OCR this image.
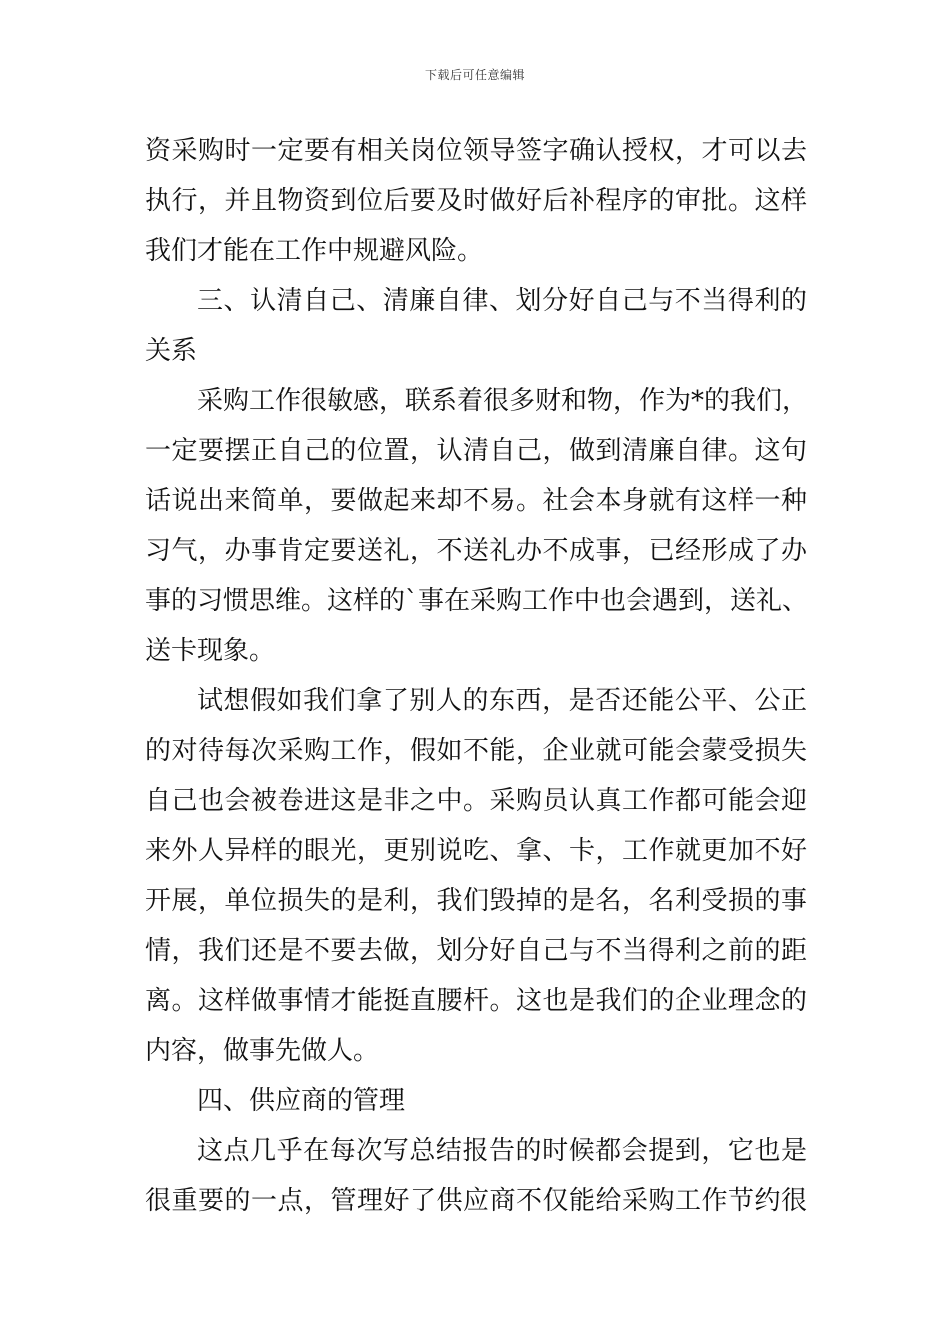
下载后可任意编辑
资采购时一定要有相关岗位领导签字确认授权，才可以去
执行，并且物资到位后要及时做好后补程序的审批。这样
我们才能在工作中规避风险。
三、认清自己、清廉自律、划分好自己与不当得利的
关系
采购工作很敏感，联系着很多财和物，作为*的我们，
一定要摆正自己的位置，认清自己，做到清廉自律。这句
话说出来简单，要做起来却不易。社会本身就有这样一种
习气，办事肯定要送礼，不送礼办不成事，已经形成了办
事的习惯思维。这样的`事在采购工作中也会遇到，送礼、
送卡现象。
试想假如我们拿了别人的东西，是否还能公平、公正
的对待每次采购工作，假如不能，企业就可能会蒙受损失
自己也会被卷进这是非之中。采购员认真工作都可能会迎
来外人异样的眼光，更别说吃、拿、卡，工作就更加不好
开展，单位损失的是利，我们毁掉的是名，名利受损的事
情，我们还是不要去做，划分好自己与不当得利之前的距
离。这样做事情才能挺直腰杆。这也是我们的企业理念的
内容，做事先做人。
四、供应商的管理
这点几乎在每次写总结报告的时候都会提到，它也是
很重要的一点，管理好了供应商不仅能给采购工作节约很
